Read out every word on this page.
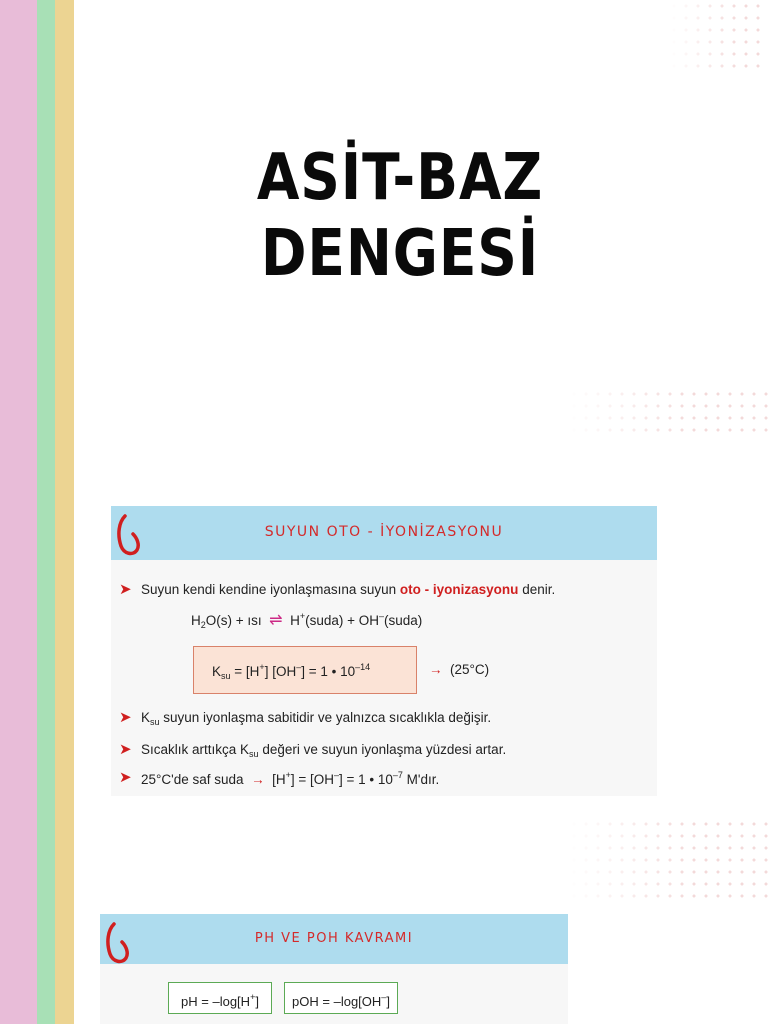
ASİT-BAZ
DENGESİ
SUYUN OTO - İYONİZASYONU
➤ Suyun kendi kendine iyonlaşmasına suyun oto - iyonizasyonu denir.
$H_2O(s)$ + ısı ⇌ H+(suda) + OH–(suda)
$K_{su} = [H^+] [OH^-] = 1$ • $10^{-14}$	→ (25°C)
➤ $K_{su}$ suyun iyonlaşma sabitidir ve yalnızca sıcaklıkla değişir.
➤ Sıcaklık arttıkça $K_{su}$ değeri ve suyun iyonlaşma yüzdesi artar.
➤ 25°C'de saf suda → [H+] = [OH–] = 1 • $10^{-7}$ M'dır.
PH VE POH KAVRAMI
pH = –log[H+]	pOH = –log[OH–]
